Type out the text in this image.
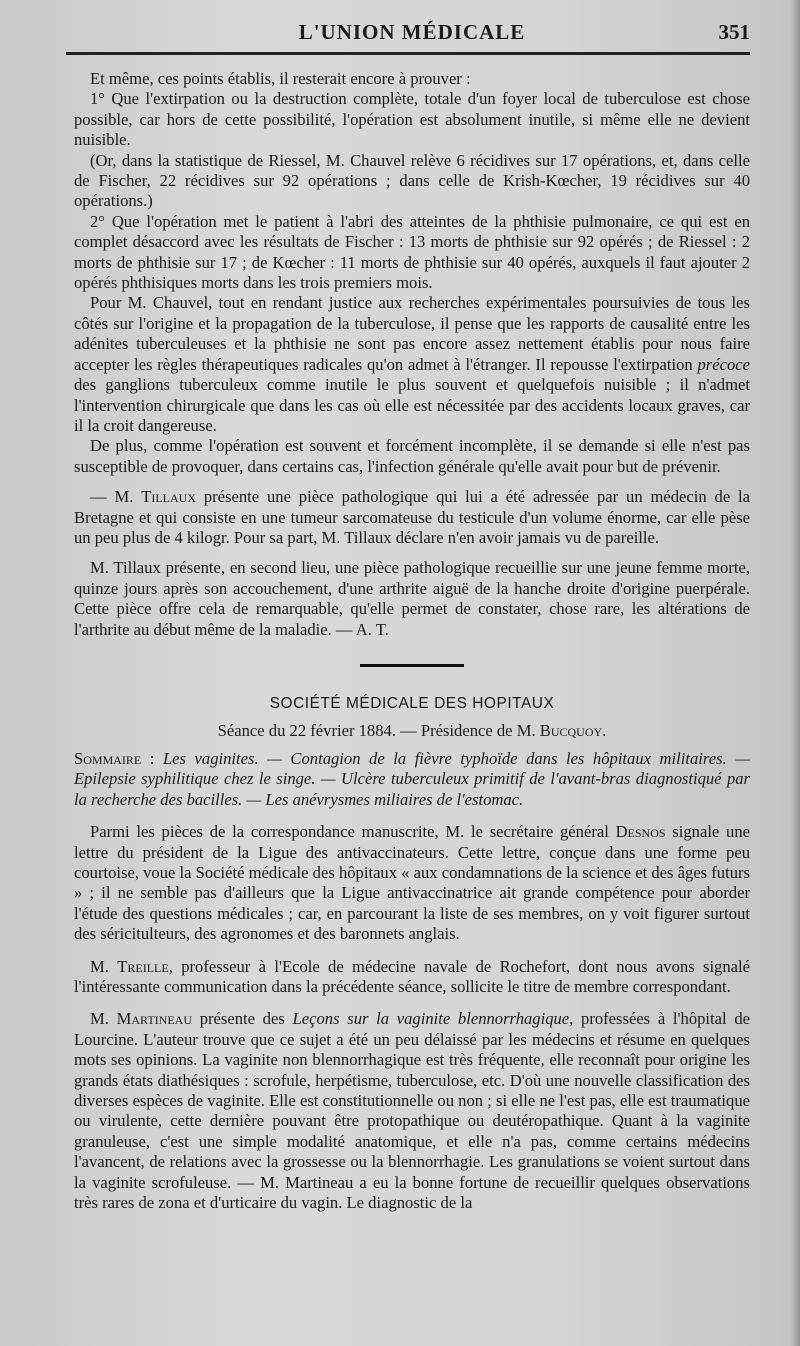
L'UNION MÉDICALE	351

Et même, ces points établis, il resterait encore à prouver :

1° Que l'extirpation ou la destruction complète, totale d'un foyer local de tuberculose est chose possible, car hors de cette possibilité, l'opération est absolument inutile, si même elle ne devient nuisible.

(Or, dans la statistique de Riessel, M. Chauvel relève 6 récidives sur 17 opérations, et, dans celle de Fischer, 22 récidives sur 92 opérations ; dans celle de Krish-Kœcher, 19 récidives sur 40 opérations.)

2° Que l'opération met le patient à l'abri des atteintes de la phthisie pulmonaire, ce qui est en complet désaccord avec les résultats de Fischer : 13 morts de phthisie sur 92 opérés ; de Riessel : 2 morts de phthisie sur 17 ; de Kœcher : 11 morts de phthisie sur 40 opérés, auxquels il faut ajouter 2 opérés phthisiques morts dans les trois premiers mois.

Pour M. Chauvel, tout en rendant justice aux recherches expérimentales poursuivies de tous les côtés sur l'origine et la propagation de la tuberculose, il pense que les rapports de causalité entre les adénites tuberculeuses et la phthisie ne sont pas encore assez nettement établis pour nous faire accepter les règles thérapeutiques radicales qu'on admet à l'étranger. Il repousse l'extirpation précoce des ganglions tuberculeux comme inutile le plus souvent et quelquefois nuisible ; il n'admet l'intervention chirurgicale que dans les cas où elle est nécessitée par des accidents locaux graves, car il la croit dangereuse.

De plus, comme l'opération est souvent et forcément incomplète, il se demande si elle n'est pas susceptible de provoquer, dans certains cas, l'infection générale qu'elle avait pour but de prévenir.

— M. Tillaux présente une pièce pathologique qui lui a été adressée par un médecin de la Bretagne et qui consiste en une tumeur sarcomateuse du testicule d'un volume énorme, car elle pèse un peu plus de 4 kilogr. Pour sa part, M. Tillaux déclare n'en avoir jamais vu de pareille.

M. Tillaux présente, en second lieu, une pièce pathologique recueillie sur une jeune femme morte, quinze jours après son accouchement, d'une arthrite aiguë de la hanche droite d'origine puerpérale. Cette pièce offre cela de remarquable, qu'elle permet de constater, chose rare, les altérations de l'arthrite au début même de la maladie. — A. T.

SOCIÉTÉ MÉDICALE DES HOPITAUX
Séance du 22 février 1884. — Présidence de M. Bucquoy.
Sommaire : Les vaginites. — Contagion de la fièvre typhoïde dans les hôpitaux militaires. — Epilepsie syphilitique chez le singe. — Ulcère tuberculeux primitif de l'avant-bras diagnostiqué par la recherche des bacilles. — Les anévrysmes miliaires de l'estomac.

Parmi les pièces de la correspondance manuscrite, M. le secrétaire général Desnos signale une lettre du président de la Ligue des antivaccinateurs. Cette lettre, conçue dans une forme peu courtoise, voue la Société médicale des hôpitaux « aux condamnations de la science et des âges futurs » ; il ne semble pas d'ailleurs que la Ligue antivaccinatrice ait grande compétence pour aborder l'étude des questions médicales ; car, en parcourant la liste de ses membres, on y voit figurer surtout des séricitulteurs, des agronomes et des baronnets anglais.

M. Treille, professeur à l'Ecole de médecine navale de Rochefort, dont nous avons signalé l'intéressante communication dans la précédente séance, sollicite le titre de membre correspondant.

M. Martineau présente des Leçons sur la vaginite blennorrhagique, professées à l'hôpital de Lourcine. L'auteur trouve que ce sujet a été un peu délaissé par les médecins et résume en quelques mots ses opinions. La vaginite non blennorrhagique est très fréquente, elle reconnaît pour origine les grands états diathésiques : scrofule, herpétisme, tuberculose, etc. D'où une nouvelle classification des diverses espèces de vaginite. Elle est constitutionnelle ou non ; si elle ne l'est pas, elle est traumatique ou virulente, cette dernière pouvant être protopathique ou deutéropathique. Quant à la vaginite granuleuse, c'est une simple modalité anatomique, et elle n'a pas, comme certains médecins l'avancent, de relations avec la grossesse ou la blennorrhagie. Les granulations se voient surtout dans la vaginite scrofuleuse. — M. Martineau a eu la bonne fortune de recueillir quelques observations très rares de zona et d'urticaire du vagin. Le diagnostic de la
